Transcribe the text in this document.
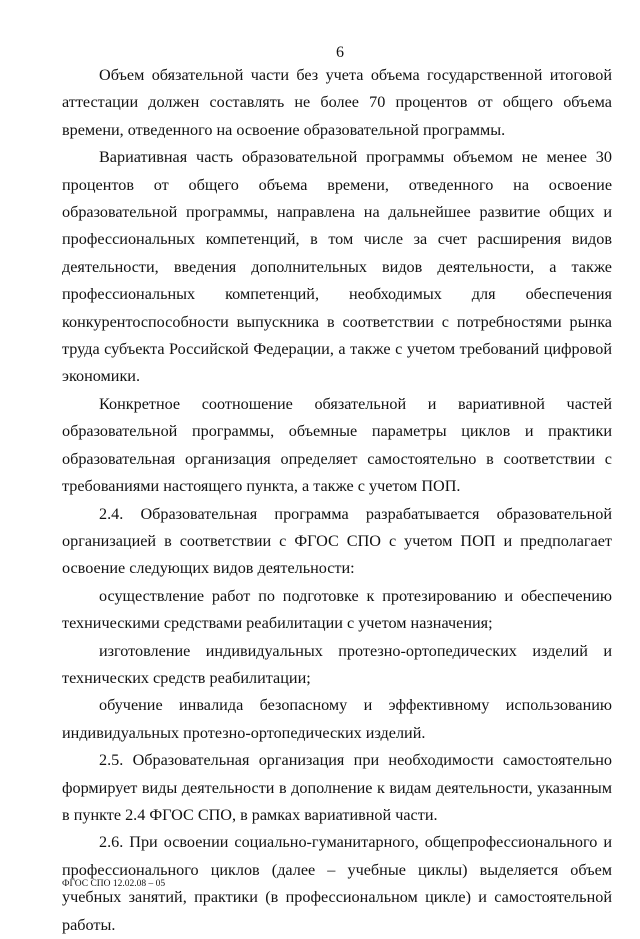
6

Объем обязательной части без учета объема государственной итоговой аттестации должен составлять не более 70 процентов от общего объема времени, отведенного на освоение образовательной программы.

Вариативная часть образовательной программы объемом не менее 30 процентов от общего объема времени, отведенного на освоение образовательной программы, направлена на дальнейшее развитие общих и профессиональных компетенций, в том числе за счет расширения видов деятельности, введения дополнительных видов деятельности, а также профессиональных компетенций, необходимых для обеспечения конкурентоспособности выпускника в соответствии с потребностями рынка труда субъекта Российской Федерации, а также с учетом требований цифровой экономики.

Конкретное соотношение обязательной и вариативной частей образовательной программы, объемные параметры циклов и практики образовательная организация определяет самостоятельно в соответствии с требованиями настоящего пункта, а также с учетом ПОП.

2.4. Образовательная программа разрабатывается образовательной организацией в соответствии с ФГОС СПО с учетом ПОП и предполагает освоение следующих видов деятельности:

осуществление работ по подготовке к протезированию и обеспечению техническими средствами реабилитации с учетом назначения;

изготовление индивидуальных протезно-ортопедических изделий и технических средств реабилитации;

обучение инвалида безопасному и эффективному использованию индивидуальных протезно-ортопедических изделий.

2.5. Образовательная организация при необходимости самостоятельно формирует виды деятельности в дополнение к видам деятельности, указанным в пункте 2.4 ФГОС СПО, в рамках вариативной части.

2.6. При освоении социально-гуманитарного, общепрофессионального и профессионального циклов (далее – учебные циклы) выделяется объем учебных занятий, практики (в профессиональном цикле) и самостоятельной работы.

ФГОС СПО 12.02.08 – 05
